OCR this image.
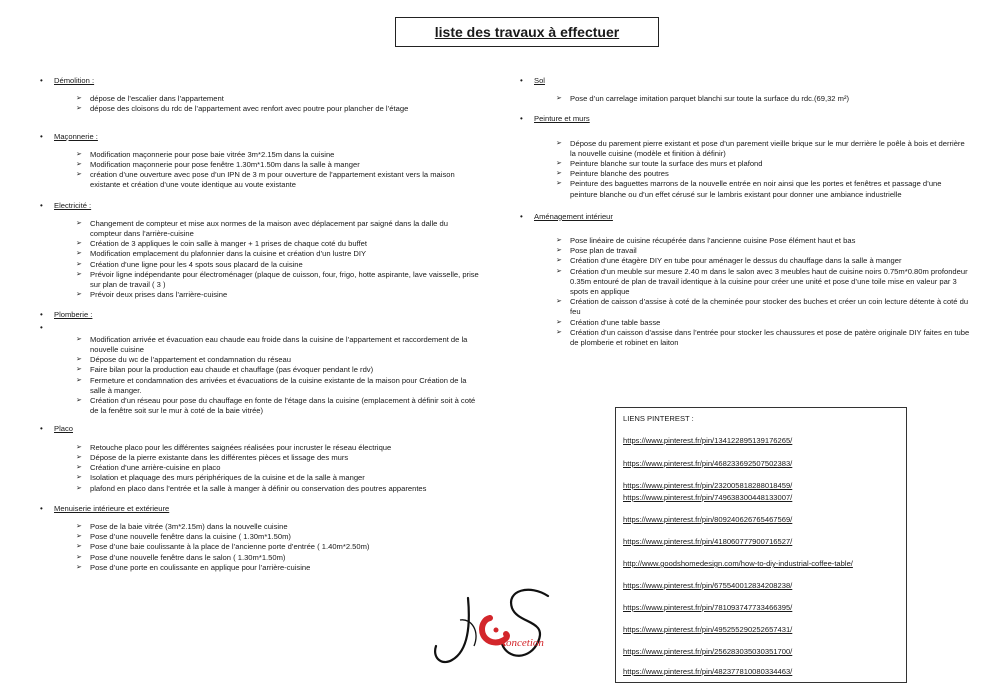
liste des travaux à effectuer
•	Démolition :
➢	dépose de l’escalier dans l’appartement
➢	dépose des cloisons du rdc de l’appartement avec renfort avec poutre pour plancher de l’étage
•	Maçonnerie :
➢	Modification maçonnerie pour pose baie vitrée 3m*2.15m dans la cuisine
➢	Modification maçonnerie pour pose fenêtre 1.30m*1.50m dans la salle à manger
➢	création d’une ouverture avec pose d’un IPN de 3 m pour ouverture de l’appartement existant vers la maison existante et création d’une voute identique au voute existante
•	Electricité :
➢	Changement de compteur et mise aux normes de la maison avec déplacement par saigné dans la dalle du compteur dans l’arrière-cuisine
➢	Création de 3 appliques le coin salle à manger + 1 prises de chaque coté du buffet
➢	Modification emplacement du plafonnier dans la cuisine et création d’un lustre DIY
➢	Création d’une ligne pour les 4 spots sous placard de la cuisine
➢	Prévoir ligne indépendante pour électroménager (plaque de cuisson, four, frigo, hotte aspirante, lave vaisselle, prise sur plan de travail ( 3 )
➢	Prévoir deux prises dans l’arrière-cuisine
•	Plomberie :
•
➢	Modification arrivée et évacuation eau chaude eau froide dans la cuisine de l’appartement et raccordement de la nouvelle cuisine
➢	Dépose du wc de l’appartement et condamnation du réseau
➢	Faire bilan pour la production eau chaude et chauffage (pas évoquer pendant le rdv)
➢	Fermeture et condamnation des arrivées et évacuations de la cuisine existante de la maison pour Création de la salle à manger.
➢	Création d’un réseau pour pose du chauffage en fonte de l’étage dans la cuisine (emplacement à définir soit à coté de la fenêtre soit sur le mur à coté de la baie vitrée)
•	Placo
➢	Retouche placo pour les différentes saignées réalisées pour incruster le réseau électrique
➢	Dépose de la pierre existante dans les différentes pièces et lissage des murs
➢	Création d’une arrière-cuisine en placo
➢	Isolation et plaquage des murs périphériques de la cuisine et de la salle à manger
➢	plafond en placo dans l’entrée et la salle à manger à définir ou conservation des poutres apparentes
•	Menuiserie intérieure et extérieure
➢	Pose de la baie vitrée (3m*2.15m) dans la nouvelle cuisine
➢	Pose d’une nouvelle fenêtre dans la cuisine ( 1.30m*1.50m)
➢	Pose d’une baie coulissante à la place de l’ancienne porte d’entrée ( 1.40m*2.50m)
➢	Pose d’une nouvelle fenêtre dans le salon ( 1.30m*1.50m)
➢	Pose d’une porte en coulissante en applique pour l’arrière-cuisine
•	Sol
➢	Pose d’un carrelage imitation parquet blanchi sur toute la surface du rdc.(69,32 m²)
•	Peinture et murs
➢	Dépose du parement pierre existant et pose d’un parement vieille brique sur le mur derrière le poêle à bois et derrière la nouvelle cuisine (modèle et finition à définir)
➢	Peinture blanche sur toute la surface des murs et plafond
➢	Peinture blanche des poutres
➢	Peinture des baguettes marrons de la nouvelle entrée en noir ainsi que les portes et fenêtres et passage d’une peinture blanche ou d’un effet cérusé sur le lambris existant pour donner une ambiance industrielle
•	Aménagement intérieur
➢	Pose linéaire de cuisine récupérée dans l’ancienne cuisine Pose élément haut et bas
➢	Pose plan de travail
➢	Création d’une étagère DIY en tube pour aménager le dessus du chauffage dans la salle à manger
➢	Création d’un meuble sur mesure 2.40 m dans le salon avec 3 meubles haut de cuisine noirs 0.75m*0.80m profondeur 0.35m entouré de plan de travail identique à la cuisine pour créer une unité et pose d’une toile mise en valeur par 3 spots en applique
➢	Création de caisson d’assise à coté de la cheminée pour stocker des buches et créer un coin lecture détente à coté du feu
➢	Création d’une table basse
➢	Création d’un caisson d’assise dans l’entrée pour stocker les chaussures et pose de patère originale DIY faites en tube de plomberie et robinet en laiton
LIENS PINTEREST :
https://www.pinterest.fr/pin/134122895139176265/
https://www.pinterest.fr/pin/468233692507502383/
https://www.pinterest.fr/pin/232005818288018459/
https://www.pinterest.fr/pin/749638300448133007/
https://www.pinterest.fr/pin/809240626765467569/
https://www.pinterest.fr/pin/418060777900716527/
http://www.goodshomedesign.com/how-to-diy-industrial-coffee-table/
https://www.pinterest.fr/pin/675540012834208238/
https://www.pinterest.fr/pin/781093747733466395/
https://www.pinterest.fr/pin/495255290252657431/
https://www.pinterest.fr/pin/256283035030351700/
https://www.pinterest.fr/pin/482377810080334463/
oncetion
